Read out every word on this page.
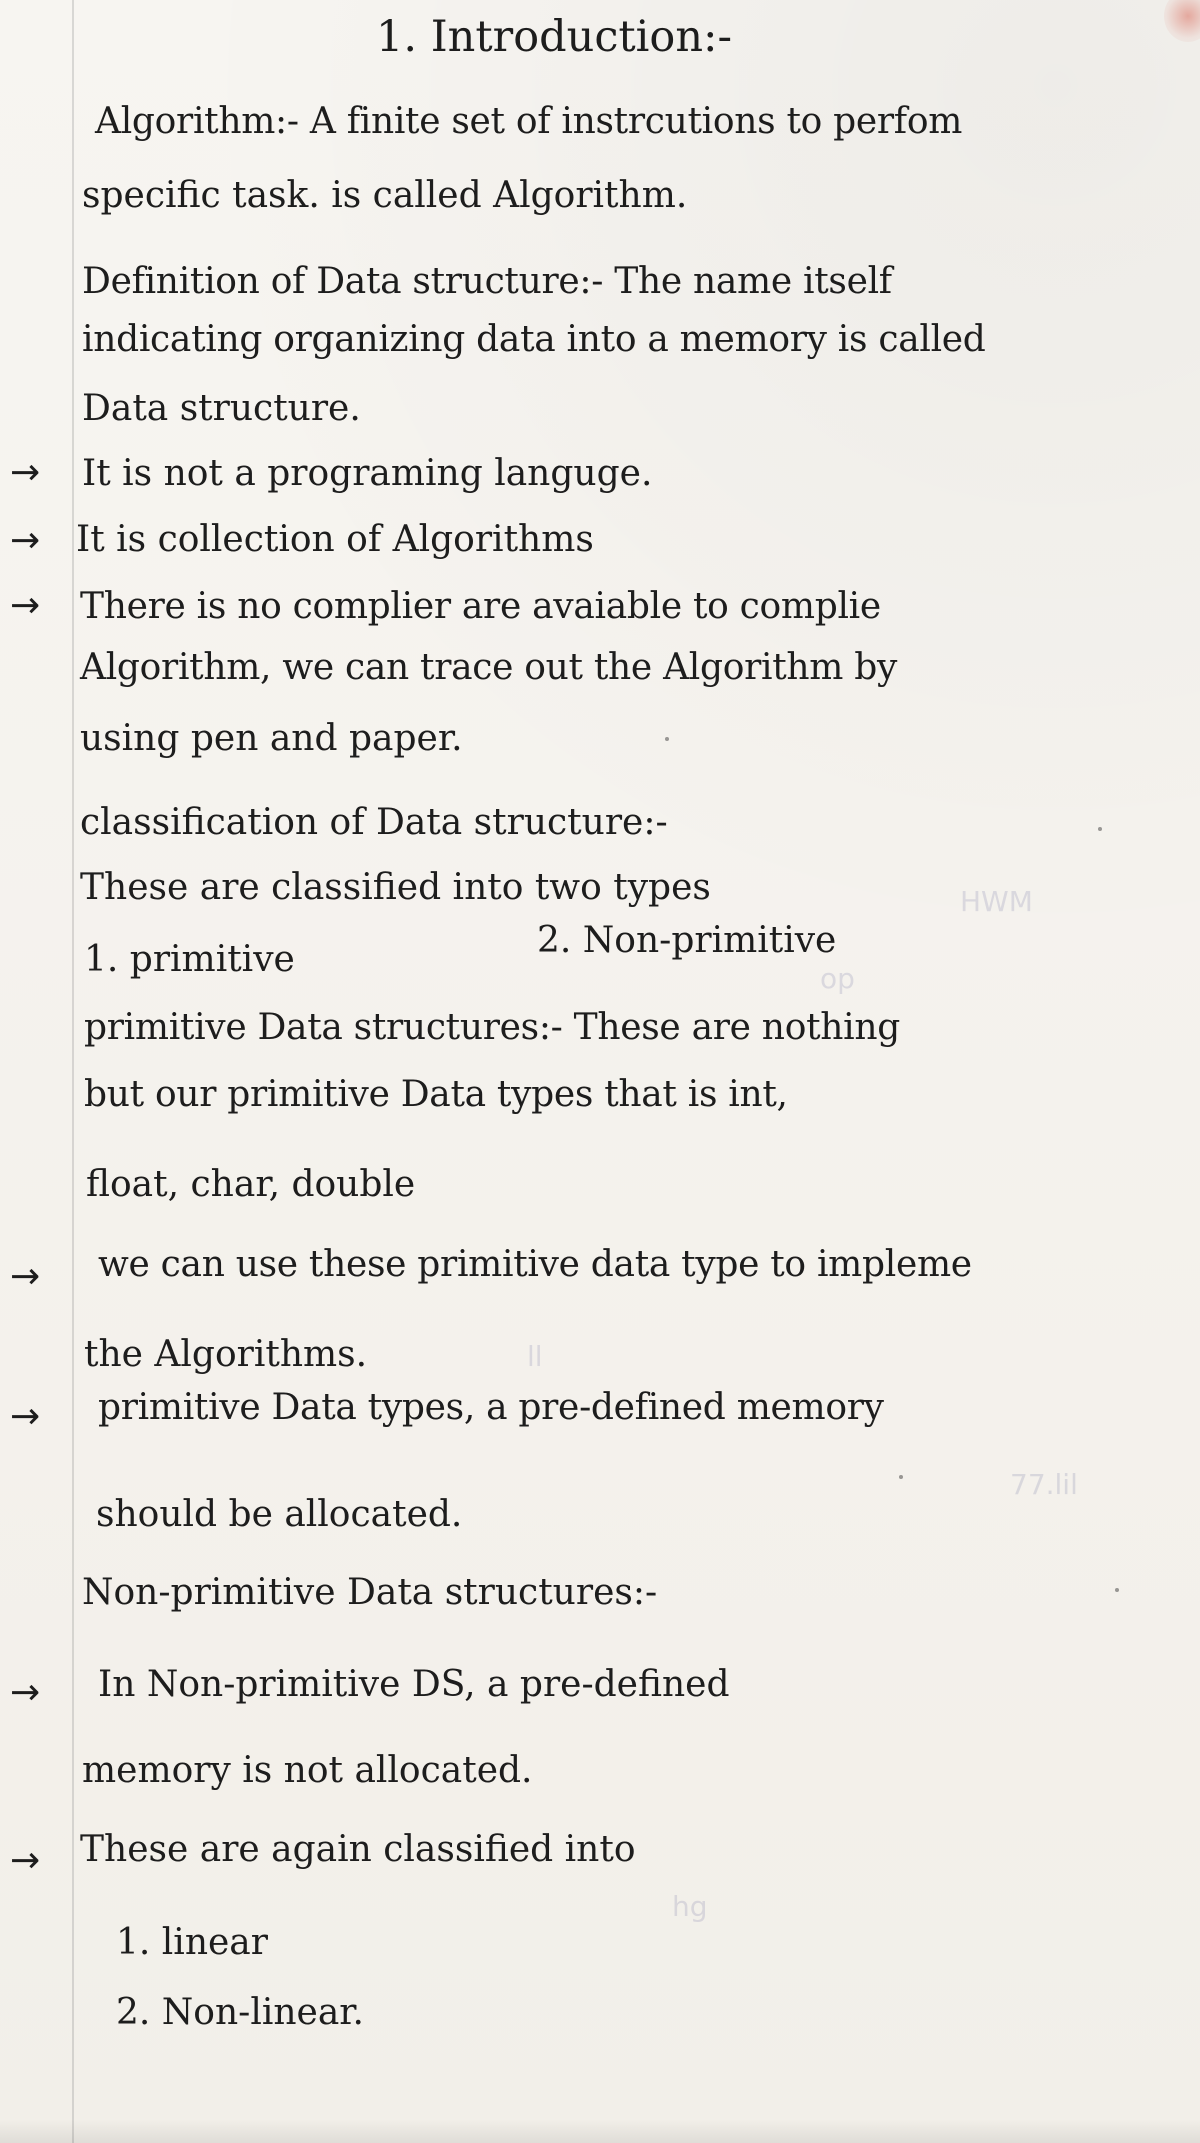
1. Introduction:-
Algorithm:- A finite set of instrcutions to perfom
specific task. is called Algorithm.
Definition of Data structure:- The name itself
indicating organizing data into a memory is called
Data structure.
→ It is not a programing languge.
→ It is collection of Algorithms
→ There is no complier are avaiable to complie
Algorithm, we can trace out the Algorithm by
using pen and paper.
classification of Data structure:-
These are classified into two types
1. primitive	2. Non-primitive
primitive Data structures:- These are nothing
but our primitive Data types that is int,
float, char, double
→ we can use these primitive data type to impleme
the Algorithms.
→ primitive Data types, a pre-defined memory
should be allocated.
Non-primitive Data structures:-
→ In Non-primitive DS, a pre-defined
memory is not allocated.
→ These are again classified into
1. linear
2. Non-linear.
HWM
op
ll
77.lil
hg
